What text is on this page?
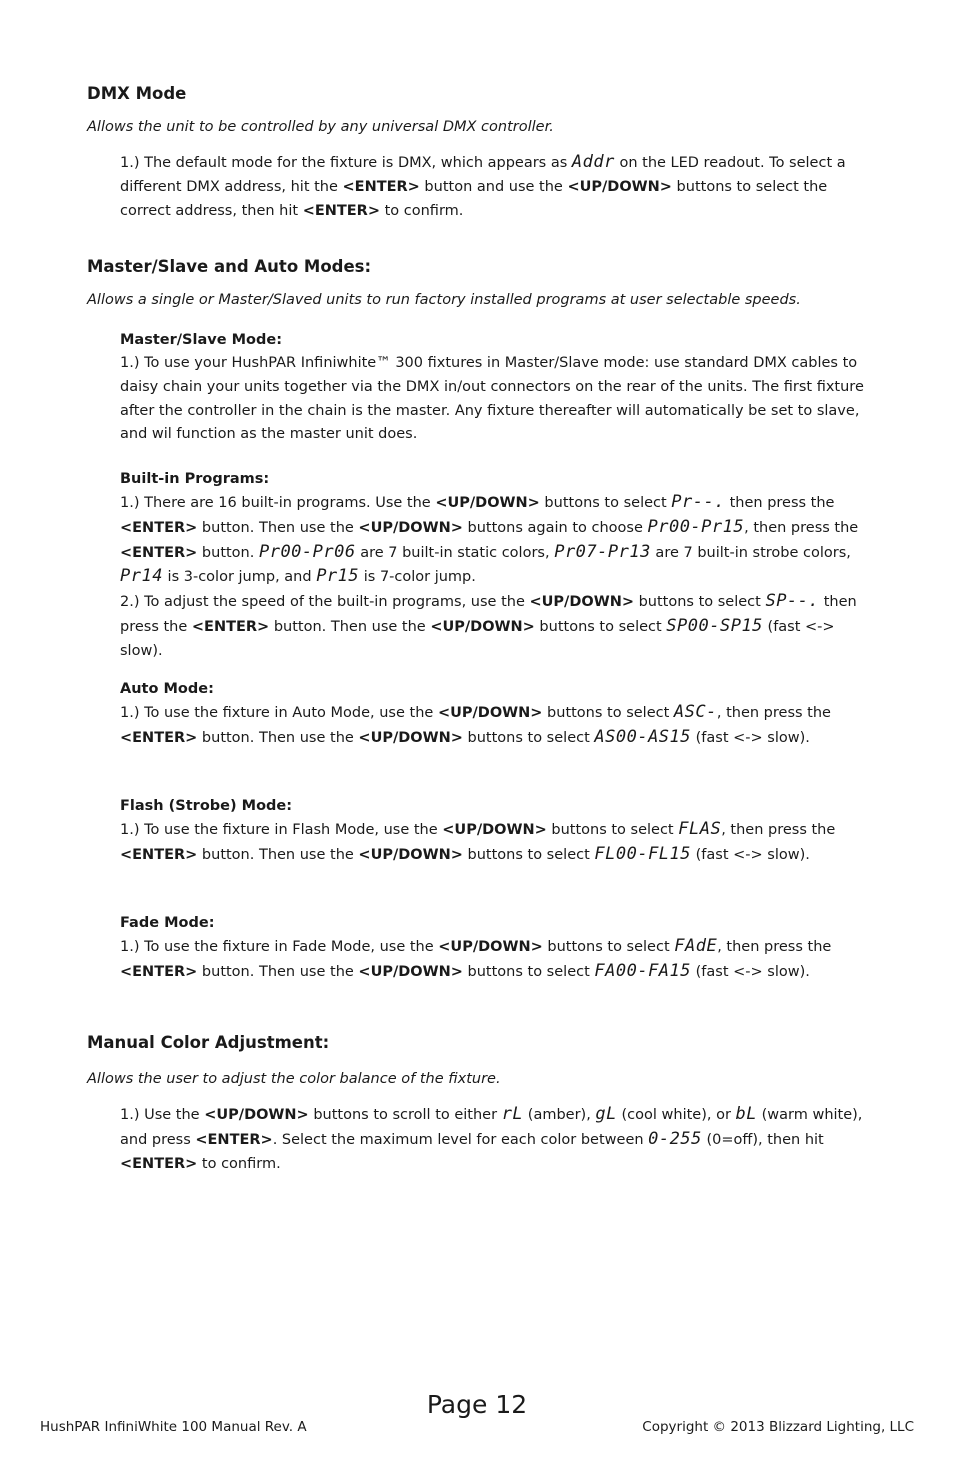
DMX Mode

Allows the unit to be controlled by any universal DMX controller.

1.) The default mode for the fixture is DMX, which appears as Addr on the LED readout. To select a different DMX address, hit the <ENTER> button and use the <UP/DOWN> buttons to select the correct address, then hit <ENTER> to confirm.

Master/Slave and Auto Modes:

Allows a single or Master/Slaved units to run factory installed programs at user selectable speeds.

Master/Slave Mode:

1.) To use your HushPAR Infiniwhite™ 300 fixtures in Master/Slave mode: use standard DMX cables to daisy chain your units together via the DMX in/out connectors on the rear of the units. The first fixture after the controller in the chain is the master. Any fixture thereafter will automatically be set to slave, and wil function as the master unit does.

Built-in Programs:

1.) There are 16 built-in programs. Use the <UP/DOWN> buttons to select Pr--. then press the <ENTER> button. Then use the <UP/DOWN> buttons again to choose Pr00-Pr15, then press the <ENTER> button. Pr00-Pr06 are 7 built-in static colors, Pr07-Pr13 are 7 built-in strobe colors, Pr14 is 3-color jump, and Pr15 is 7-color jump.
2.) To adjust the speed of the built-in programs, use the <UP/DOWN> buttons to select SP--. then press the <ENTER> button. Then use the <UP/DOWN> buttons to select SP00-SP15 (fast <-> slow).

Auto Mode:

1.) To use the fixture in Auto Mode, use the <UP/DOWN> buttons to select ASC-, then press the <ENTER> button. Then use the <UP/DOWN> buttons to select AS00-AS15 (fast <-> slow).

Flash (Strobe) Mode:

1.) To use the fixture in Flash Mode, use the <UP/DOWN> buttons to select FLAS, then press the <ENTER> button. Then use the <UP/DOWN> buttons to select FL00-FL15 (fast <-> slow).

Fade Mode:

1.) To use the fixture in Fade Mode, use the <UP/DOWN> buttons to select FAdE, then press the <ENTER> button. Then use the <UP/DOWN> buttons to select FA00-FA15 (fast <-> slow).

Manual Color Adjustment:

Allows the user to adjust the color balance of the fixture.

1.) Use the <UP/DOWN> buttons to scroll to either rL (amber), gL (cool white), or bL (warm white), and press <ENTER>. Select the maximum level for each color between 0-255 (0=off), then hit <ENTER> to confirm.

Page 12

HushPAR InfiniWhite 100 Manual Rev. A	Copyright © 2013 Blizzard Lighting, LLC
